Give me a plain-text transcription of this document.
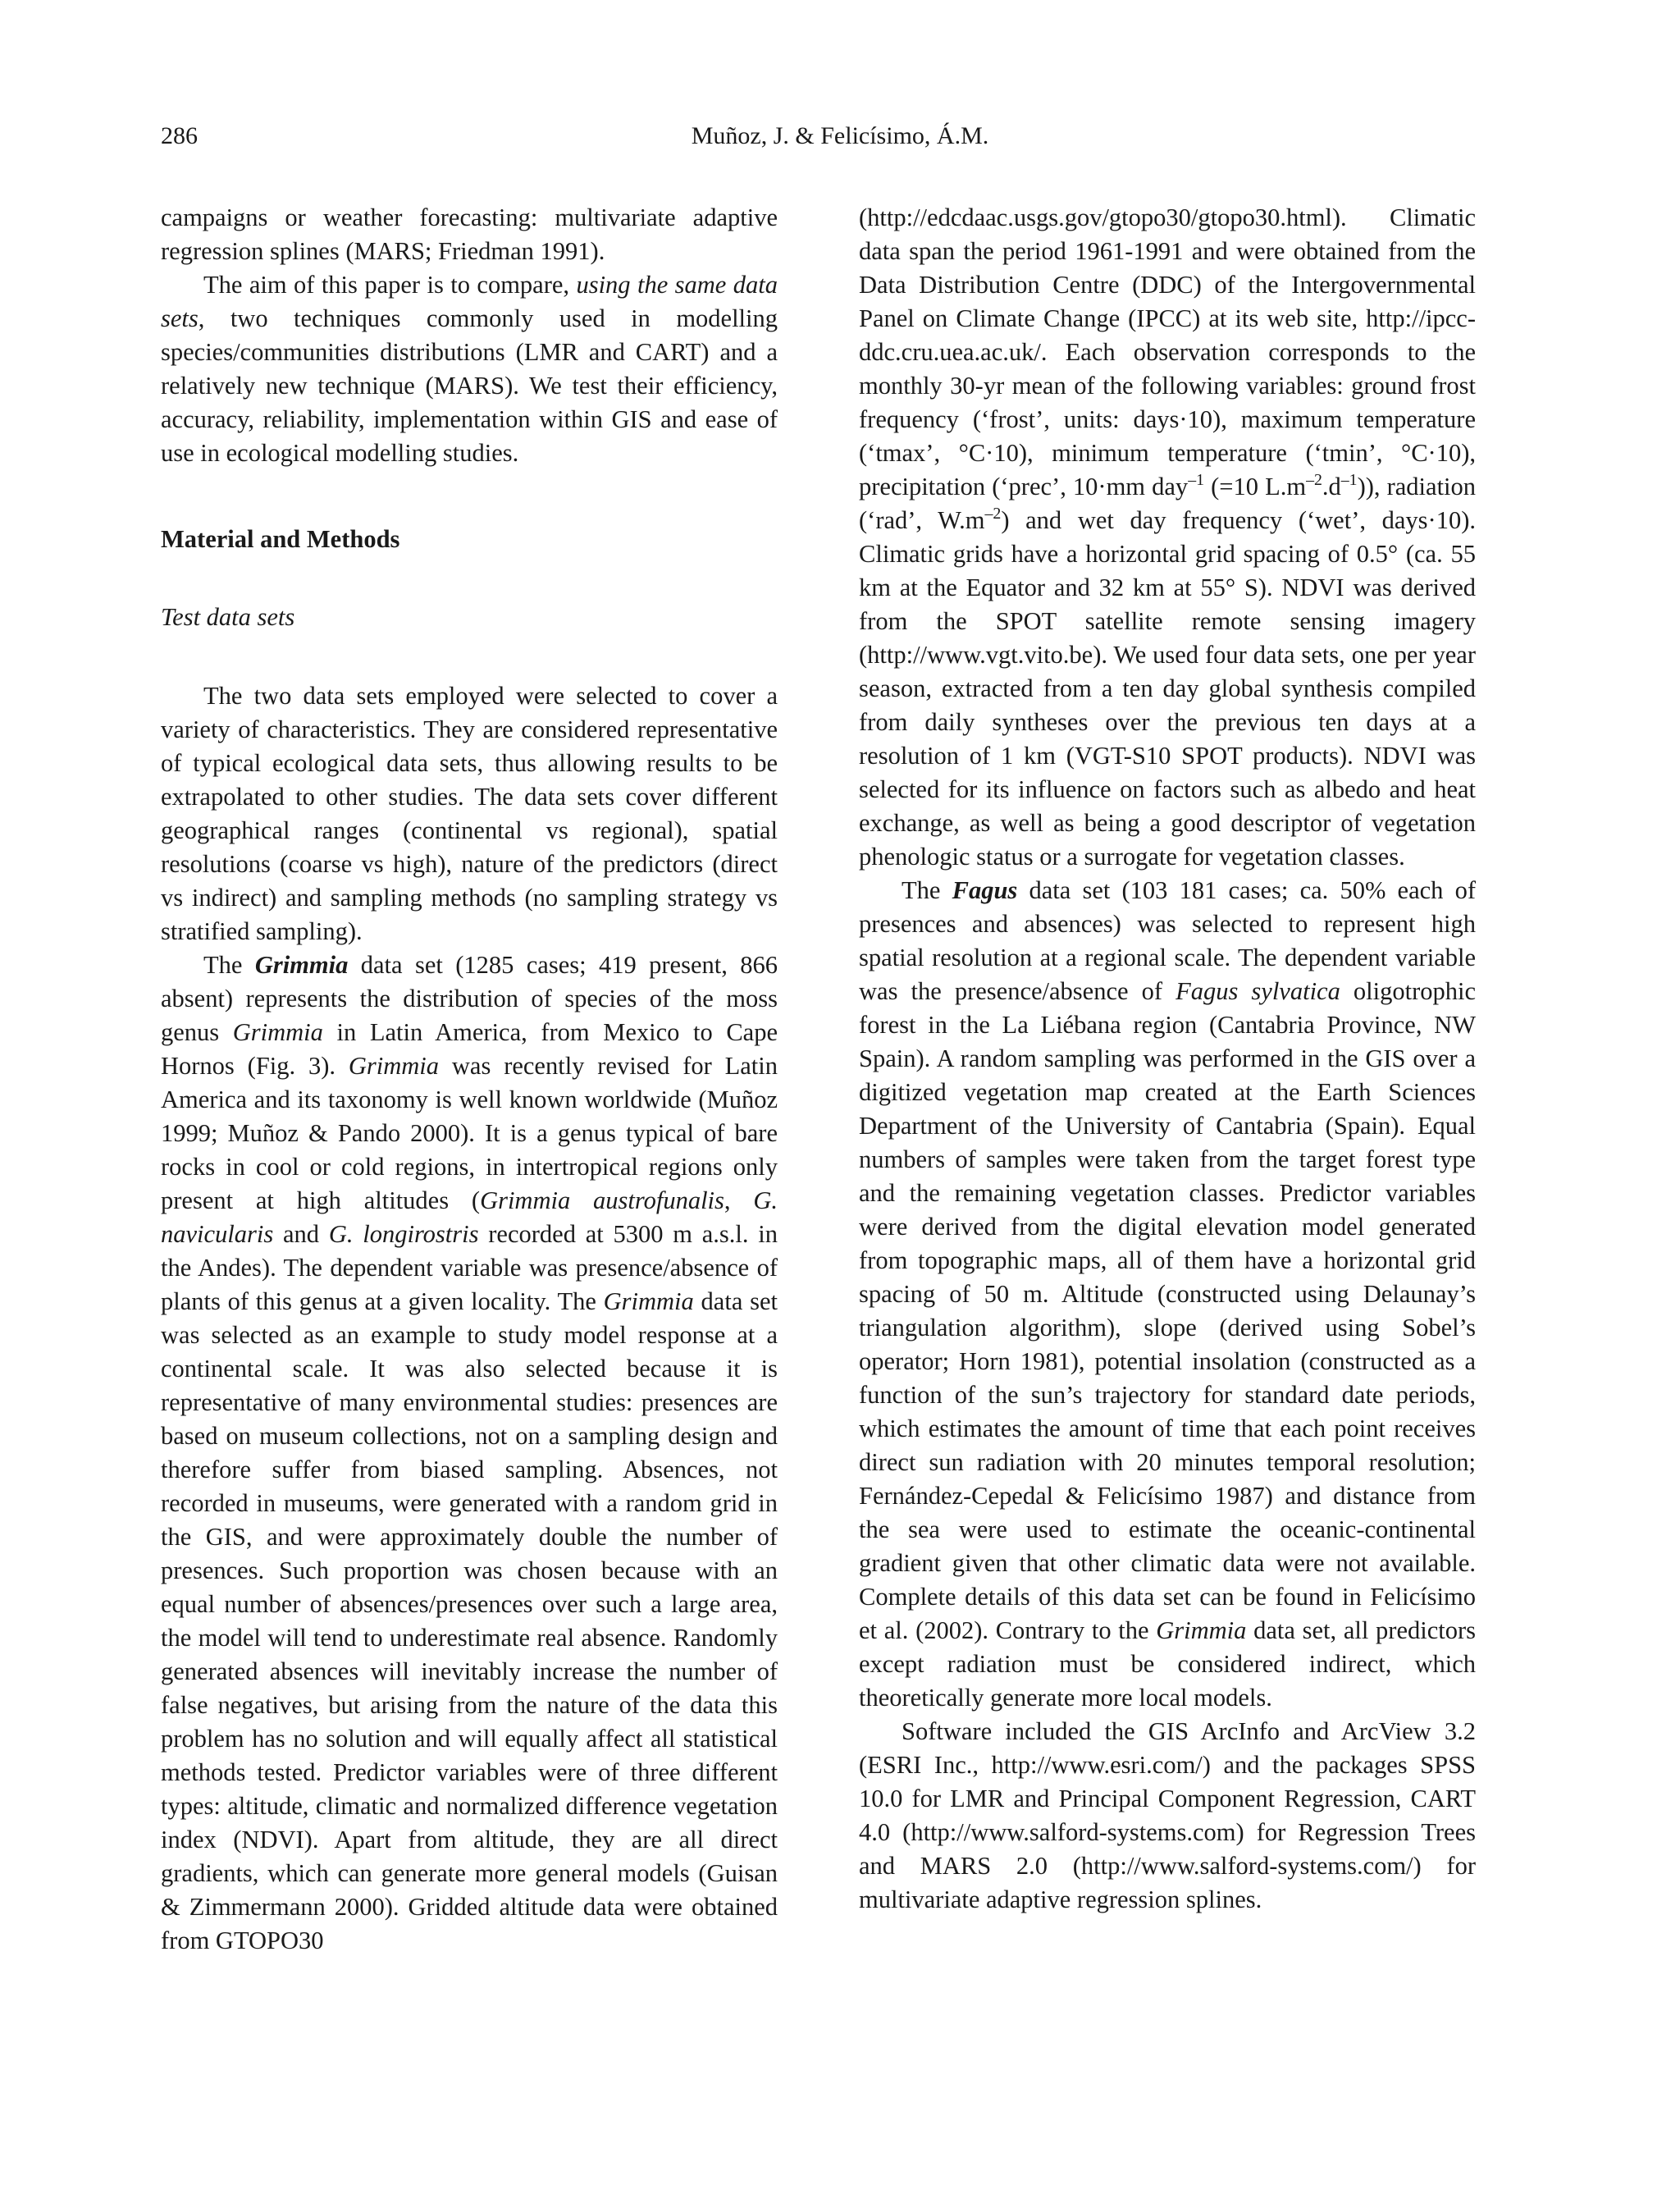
286	Muñoz, J. & Felicísimo, Á.M.

campaigns or weather forecasting: multivariate adaptive regression splines (MARS; Friedman 1991).

The aim of this paper is to compare, using the same data sets, two techniques commonly used in modelling species/communities distributions (LMR and CART) and a relatively new technique (MARS). We test their efficiency, accuracy, reliability, implementation within GIS and ease of use in ecological modelling studies.

Material and Methods
Test data sets

The two data sets employed were selected to cover a variety of characteristics. They are considered representative of typical ecological data sets, thus allowing results to be extrapolated to other studies. The data sets cover different geographical ranges (continental vs regional), spatial resolutions (coarse vs high), nature of the predictors (direct vs indirect) and sampling methods (no sampling strategy vs stratified sampling).

The Grimmia data set (1285 cases; 419 present, 866 absent) represents the distribution of species of the moss genus Grimmia in Latin America, from Mexico to Cape Hornos (Fig. 3). Grimmia was recently revised for Latin America and its taxonomy is well known worldwide (Muñoz 1999; Muñoz & Pando 2000). It is a genus typical of bare rocks in cool or cold regions, in intertropical regions only present at high altitudes (Grimmia austrofunalis, G. navicularis and G. longirostris recorded at 5300 m a.s.l. in the Andes). The dependent variable was presence/absence of plants of this genus at a given locality. The Grimmia data set was selected as an example to study model response at a continental scale. It was also selected because it is representative of many environmental studies: presences are based on museum collections, not on a sampling design and therefore suffer from biased sampling. Absences, not recorded in museums, were generated with a random grid in the GIS, and were approximately double the number of presences. Such proportion was chosen because with an equal number of absences/presences over such a large area, the model will tend to underestimate real absence. Randomly generated absences will inevitably increase the number of false negatives, but arising from the nature of the data this problem has no solution and will equally affect all statistical methods tested. Predictor variables were of three different types: altitude, climatic and normalized difference vegetation index (NDVI). Apart from altitude, they are all direct gradients, which can generate more general models (Guisan & Zimmermann 2000). Gridded altitude data were obtained from GTOPO30

(http://edcdaac.usgs.gov/gtopo30/gtopo30.html). Climatic data span the period 1961-1991 and were obtained from the Data Distribution Centre (DDC) of the Intergovernmental Panel on Climate Change (IPCC) at its web site, http://ipcc-ddc.cru.uea.ac.uk/. Each observation corresponds to the monthly 30-yr mean of the following variables: ground frost frequency (‘frost’, units: days·10), maximum temperature (‘tmax’, °C·10), minimum temperature (‘tmin’, °C·10), precipitation (‘prec’, 10·mm day$^{-1}$ (=10 $L.m^{-2}.d^{-1}$)), radiation (‘rad’, $W.m^{-2}$) and wet day frequency (‘wet’, days·10). Climatic grids have a horizontal grid spacing of 0.5° (ca. 55 km at the Equator and 32 km at 55° S). NDVI was derived from the SPOT satellite remote sensing imagery (http://www.vgt.vito.be). We used four data sets, one per year season, extracted from a ten day global synthesis compiled from daily syntheses over the previous ten days at a resolution of 1 km (VGT-S10 SPOT products). NDVI was selected for its influence on factors such as albedo and heat exchange, as well as being a good descriptor of vegetation phenologic status or a surrogate for vegetation classes.

The Fagus data set (103 181 cases; ca. 50% each of presences and absences) was selected to represent high spatial resolution at a regional scale. The dependent variable was the presence/absence of Fagus sylvatica oligotrophic forest in the La Liébana region (Cantabria Province, NW Spain). A random sampling was performed in the GIS over a digitized vegetation map created at the Earth Sciences Department of the University of Cantabria (Spain). Equal numbers of samples were taken from the target forest type and the remaining vegetation classes. Predictor variables were derived from the digital elevation model generated from topographic maps, all of them have a horizontal grid spacing of 50 m. Altitude (constructed using Delaunay’s triangulation algorithm), slope (derived using Sobel’s operator; Horn 1981), potential insolation (constructed as a function of the sun’s trajectory for standard date periods, which estimates the amount of time that each point receives direct sun radiation with 20 minutes temporal resolution; Fernández-Cepedal & Felicísimo 1987) and distance from the sea were used to estimate the oceanic-continental gradient given that other climatic data were not available. Complete details of this data set can be found in Felicísimo et al. (2002). Contrary to the Grimmia data set, all predictors except radiation must be considered indirect, which theoretically generate more local models.

Software included the GIS ArcInfo and ArcView 3.2 (ESRI Inc., http://www.esri.com/) and the packages SPSS 10.0 for LMR and Principal Component Regression, CART 4.0 (http://www.salford-systems.com) for Regression Trees and MARS 2.0 (http://www.salford-systems.com/) for multivariate adaptive regression splines.
